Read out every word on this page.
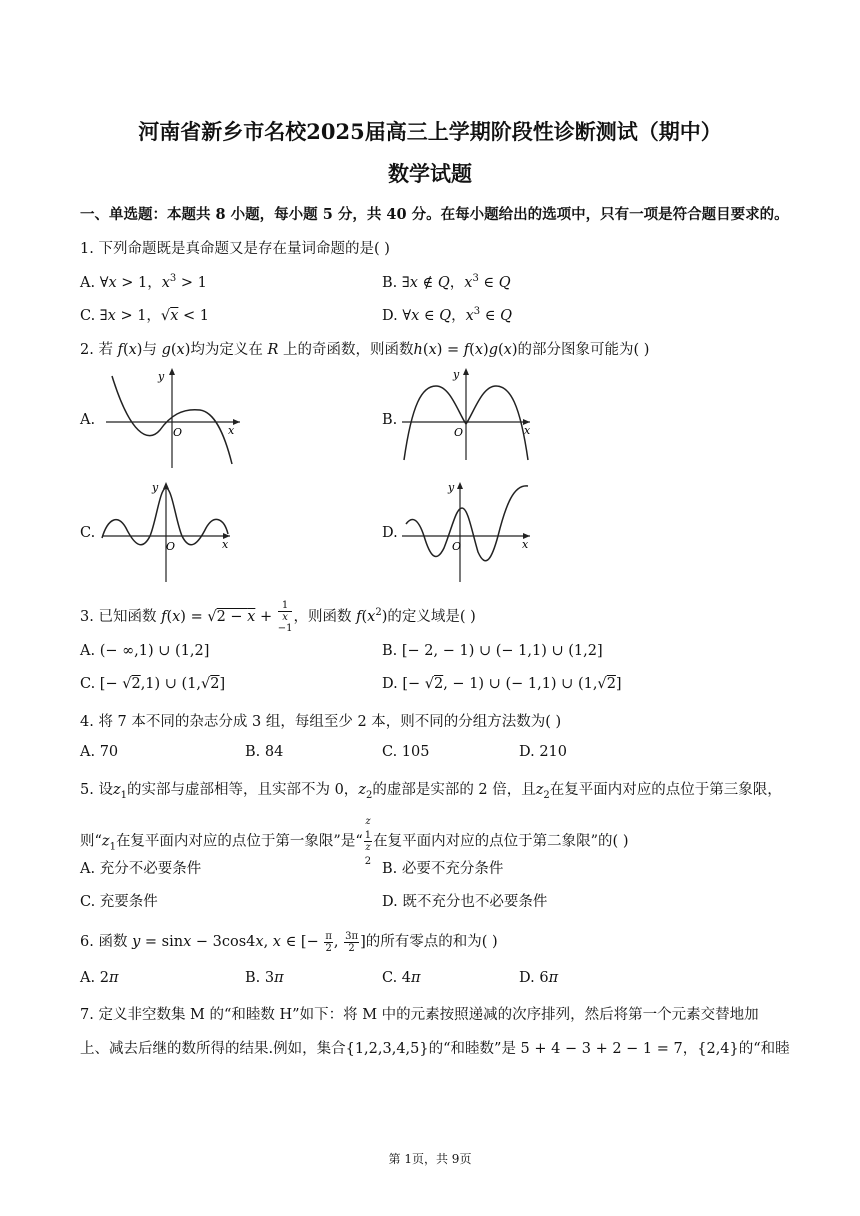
河南省新乡市名校2025届高三上学期阶段性诊断测试（期中）
数学试题
一、单选题：本题共 8 小题，每小题 5 分，共 40 分。在每小题给出的选项中，只有一项是符合题目要求的。
1. 下列命题既是真命题又是存在量词命题的是( )
A. ∀x > 1，$x^3 > 1$	B. ∃x ∉ Q，$x^3$ ∈ Q
C. ∃x > 1，√x < 1	D. ∀x ∈ Q，$x^3$ ∈ Q
2. 若 f(x)与 g(x)均为定义在 R 上的奇函数，则函数h(x) = f(x)g(x)的部分图象可能为( )
A.
y
x
O
B.
y
x
O
C.
y
x
O
D.
y
x
O
3. 已知函数 f(x) = √2 − x + 1
x
−1 ，则函数 $f(x^2)$的定义域是( )
A. (− ∞,1) ∪ (1,2]	B. [− 2, − 1) ∪ (− 1,1) ∪ (1,2]
C. [− √2,1) ∪ (1,√2]	D. [− √2, − 1) ∪ (− 1,1) ∪ (1,√2]
4. 将 7 本不同的杂志分成 3 组，每组至少 2 本，则不同的分组方法数为( )
A. 70	B. 84	C. 105	D. 210
5. 设$z_1$的实部与虚部相等，且实部不为 0，$z_2$的虚部是实部的 2 倍，且$z_2$在复平面内对应的点位于第三象限，
则“$z_1$在复平面内对应的点位于第一象限”是“ z
$_1$
z
$_2$ 在复平面内对应的点位于第二象限”的( )
A. 充分不必要条件	B. 必要不充分条件
C. 充要条件	D. 既不充分也不必要条件
6. 函数 y = sinx − 3cos4x, x ∈ [− $\frac{\pi}{2}$ , $\frac{3\pi}{2}$ ]的所有零点的和为( )
A. 2π	B. 3π	C. 4π	D. 6π
7. 定义非空数集 M 的“和睦数 H”如下：将 M 中的元素按照递减的次序排列，然后将第一个元素交替地加
上、减去后继的数所得的结果.例如，集合{1,2,3,4,5}的“和睦数”是 5 + 4 − 3 + 2 − 1 = 7，{2,4}的“和睦
第 1页，共 9页
